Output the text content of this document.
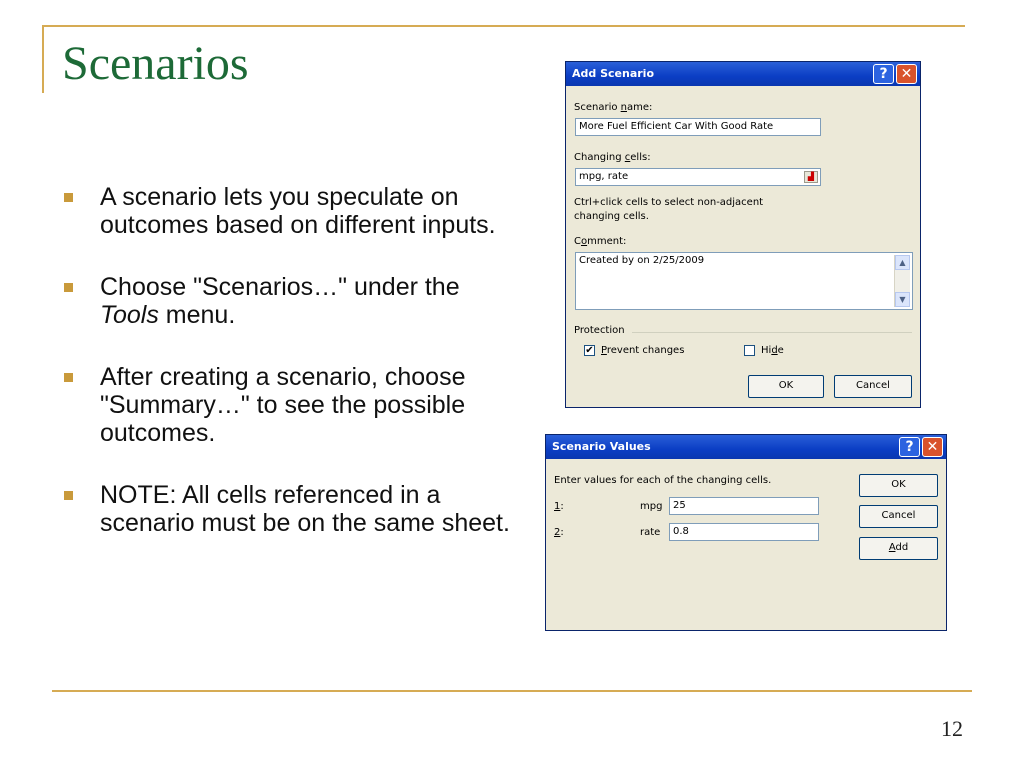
Scenarios
A scenario lets you speculate on outcomes based on different inputs.
Choose "Scenarios…" under the Tools menu.
After creating a scenario, choose "Summary…" to see the possible outcomes.
NOTE: All cells referenced in a scenario must be on the same sheet.
Add Scenario	? ✕
Scenario name:
More Fuel Efficient Car With Good Rate
Changing cells:
mpg, rate	▟
Ctrl+click cells to select non-adjacent
changing cells.
Comment:
Created by on 2/25/2009	▲
▼
Protection
✔ Prevent changes	Hide
OK	Cancel
Scenario Values	? ✕
Enter values for each of the changing cells.
1:	mpg	25
2:	rate	0.8
OK
Cancel
Add
12
